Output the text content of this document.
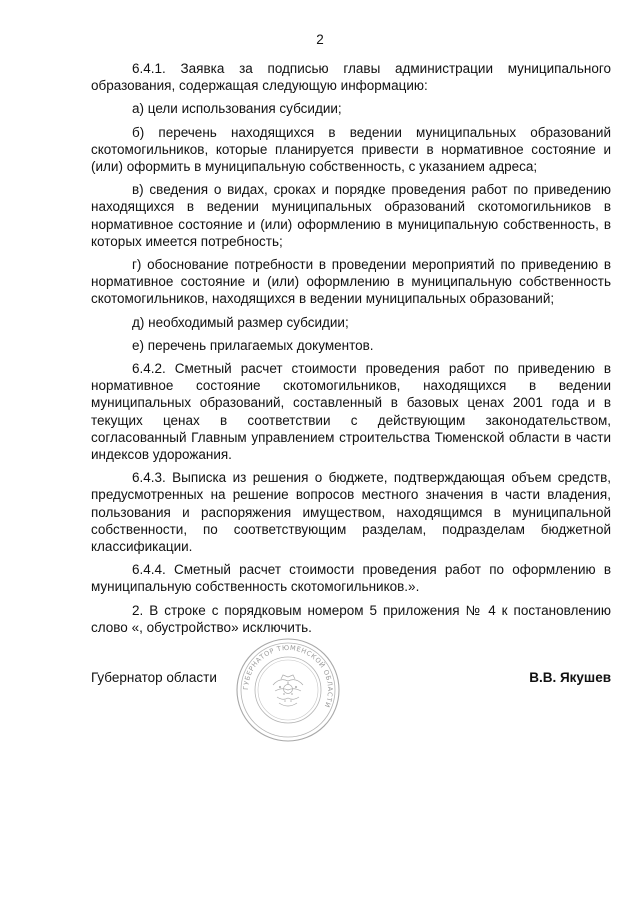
2

6.4.1. Заявка за подписью главы администрации муниципального образования, содержащая следующую информацию:

а) цели использования субсидии;

б) перечень находящихся в ведении муниципальных образований скотомогильников, которые планируется привести в нормативное состояние и (или) оформить в муниципальную собственность, с указанием адреса;

в) сведения о видах, сроках и порядке проведения работ по приведению находящихся в ведении муниципальных образований скотомогильников в нормативное состояние и (или) оформлению в муниципальную собственность, в которых имеется потребность;

г) обоснование потребности в проведении мероприятий по приведению в нормативное состояние и (или) оформлению в муниципальную собственность скотомогильников, находящихся в ведении муниципальных образований;

д) необходимый размер субсидии;

е) перечень прилагаемых документов.

6.4.2. Сметный расчет стоимости проведения работ по приведению в нормативное состояние скотомогильников, находящихся в ведении муниципальных образований, составленный в базовых ценах 2001 года и в текущих ценах в соответствии с действующим законодательством, согласованный Главным управлением строительства Тюменской области в части индексов удорожания.

6.4.3. Выписка из решения о бюджете, подтверждающая объем средств, предусмотренных на решение вопросов местного значения в части владения, пользования и распоряжения имуществом, находящимся в муниципальной собственности, по соответствующим разделам, подразделам бюджетной классификации.

6.4.4. Сметный расчет стоимости проведения работ по оформлению в муниципальную собственность скотомогильников.».

2. В строке с порядковым номером 5 приложения № 4 к постановлению слово «, обустройство» исключить.

Губернатор области	В.В. Якушев
ГУБЕРНАТОР ТЮМЕНСКОЙ ОБЛАСТИ
